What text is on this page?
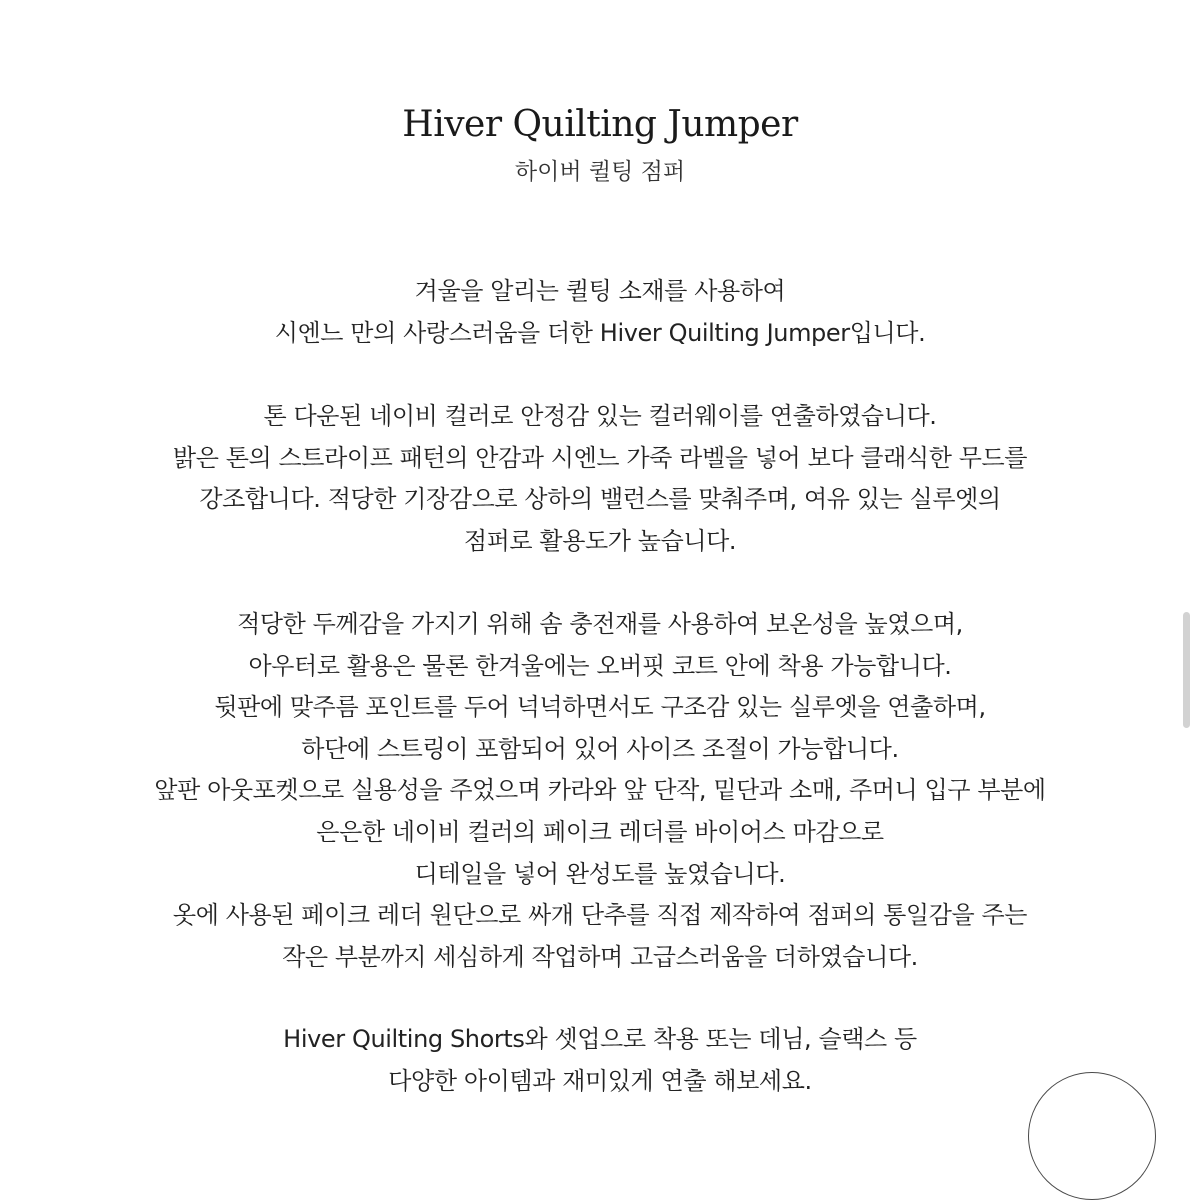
Hiver Quilting Jumper
하이버 퀼팅 점퍼
겨울을 알리는 퀼팅 소재를 사용하여
시엔느 만의 사랑스러움을 더한 Hiver Quilting Jumper입니다.
톤 다운된 네이비 컬러로 안정감 있는 컬러웨이를 연출하였습니다.
밝은 톤의 스트라이프 패턴의 안감과 시엔느 가죽 라벨을 넣어 보다 클래식한 무드를
강조합니다. 적당한 기장감으로 상하의 밸런스를 맞춰주며, 여유 있는 실루엣의
점퍼로 활용도가 높습니다.
적당한 두께감을 가지기 위해 솜 충전재를 사용하여 보온성을 높였으며,
아우터로 활용은 물론 한겨울에는 오버핏 코트 안에 착용 가능합니다.
뒷판에 맞주름 포인트를 두어 넉넉하면서도 구조감 있는 실루엣을 연출하며,
하단에 스트링이 포함되어 있어 사이즈 조절이 가능합니다.
앞판 아웃포켓으로 실용성을 주었으며 카라와 앞 단작, 밑단과 소매, 주머니 입구 부분에
은은한 네이비 컬러의 페이크 레더를 바이어스 마감으로
디테일을 넣어 완성도를 높였습니다.
옷에 사용된 페이크 레더 원단으로 싸개 단추를 직접 제작하여 점퍼의 통일감을 주는
작은 부분까지 세심하게 작업하며 고급스러움을 더하였습니다.
Hiver Quilting Shorts와 셋업으로 착용 또는 데님, 슬랙스 등
다양한 아이템과 재미있게 연출 해보세요.
